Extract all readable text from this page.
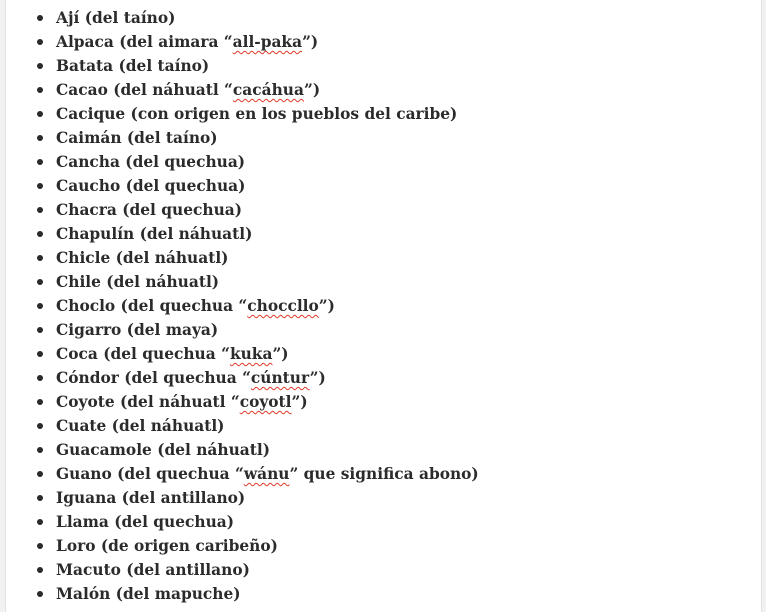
Ají (del taíno)
Alpaca (del aimara “all-paka”)
Batata (del taíno)
Cacao (del náhuatl “cacáhua”)
Cacique (con origen en los pueblos del caribe)
Caimán (del taíno)
Cancha (del quechua)
Caucho (del quechua)
Chacra (del quechua)
Chapulín (del náhuatl)
Chicle (del náhuatl)
Chile (del náhuatl)
Choclo (del quechua “choccllo”)
Cigarro (del maya)
Coca (del quechua “kuka”)
Cóndor (del quechua “cúntur”)
Coyote (del náhuatl “coyotl”)
Cuate (del náhuatl)
Guacamole (del náhuatl)
Guano (del quechua “wánu” que significa abono)
Iguana (del antillano)
Llama (del quechua)
Loro (de origen caribeño)
Macuto (del antillano)
Malón (del mapuche)
